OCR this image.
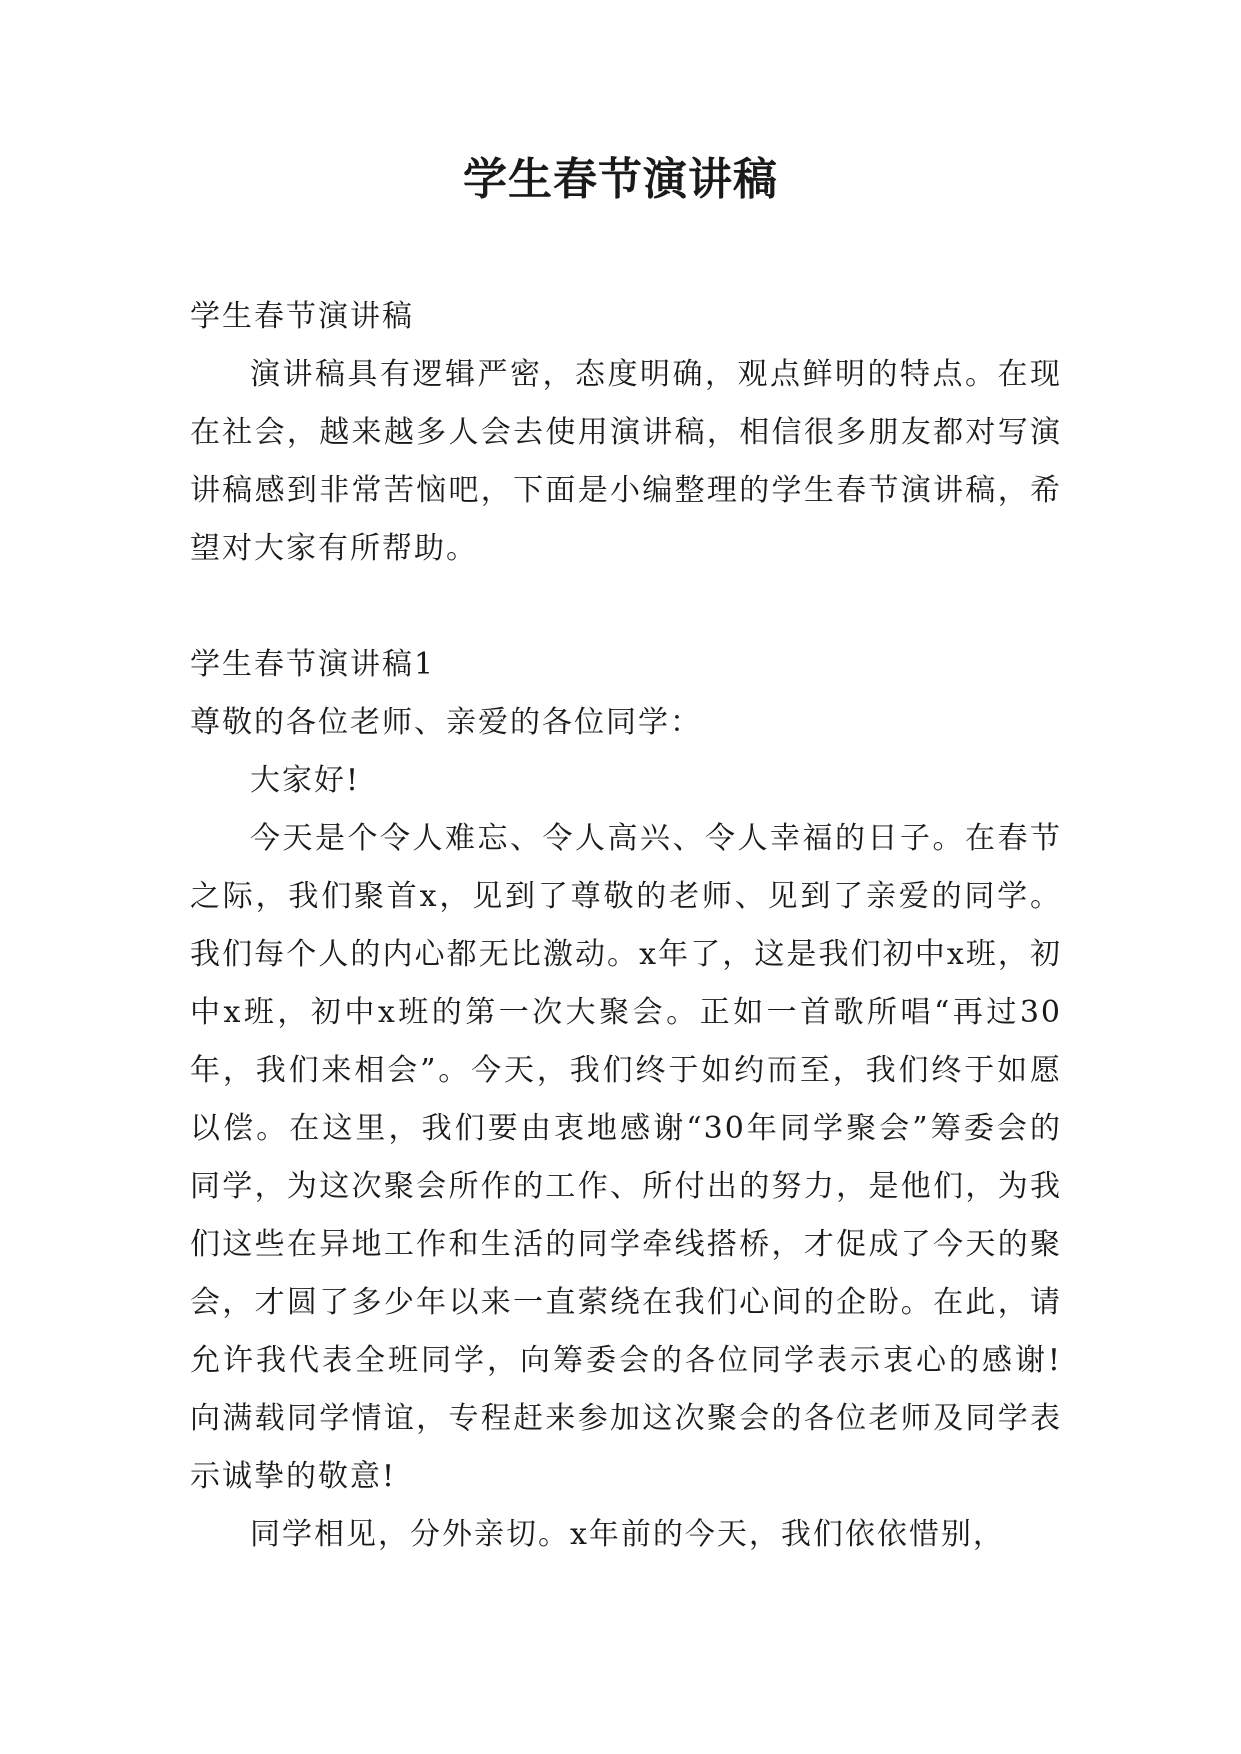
学生春节演讲稿

学生春节演讲稿

演讲稿具有逻辑严密，态度明确，观点鲜明的特点。在现在社会，越来越多人会去使用演讲稿，相信很多朋友都对写演讲稿感到非常苦恼吧，下面是小编整理的学生春节演讲稿，希望对大家有所帮助。

学生春节演讲稿1

尊敬的各位老师、亲爱的各位同学：

大家好!

今天是个令人难忘、令人高兴、令人幸福的日子。在春节之际，我们聚首x，见到了尊敬的老师、见到了亲爱的同学。我们每个人的内心都无比激动。x年了，这是我们初中x班，初中x班，初中x班的第一次大聚会。正如一首歌所唱“再过30年，我们来相会”。今天，我们终于如约而至，我们终于如愿以偿。在这里，我们要由衷地感谢“30年同学聚会”筹委会的同学，为这次聚会所作的工作、所付出的努力，是他们，为我们这些在异地工作和生活的同学牵线搭桥，才促成了今天的聚会，才圆了多少年以来一直萦绕在我们心间的企盼。在此，请允许我代表全班同学，向筹委会的各位同学表示衷心的感谢!向满载同学情谊，专程赶来参加这次聚会的各位老师及同学表示诚挚的敬意!

同学相见，分外亲切。x年前的今天，我们依依惜别，
